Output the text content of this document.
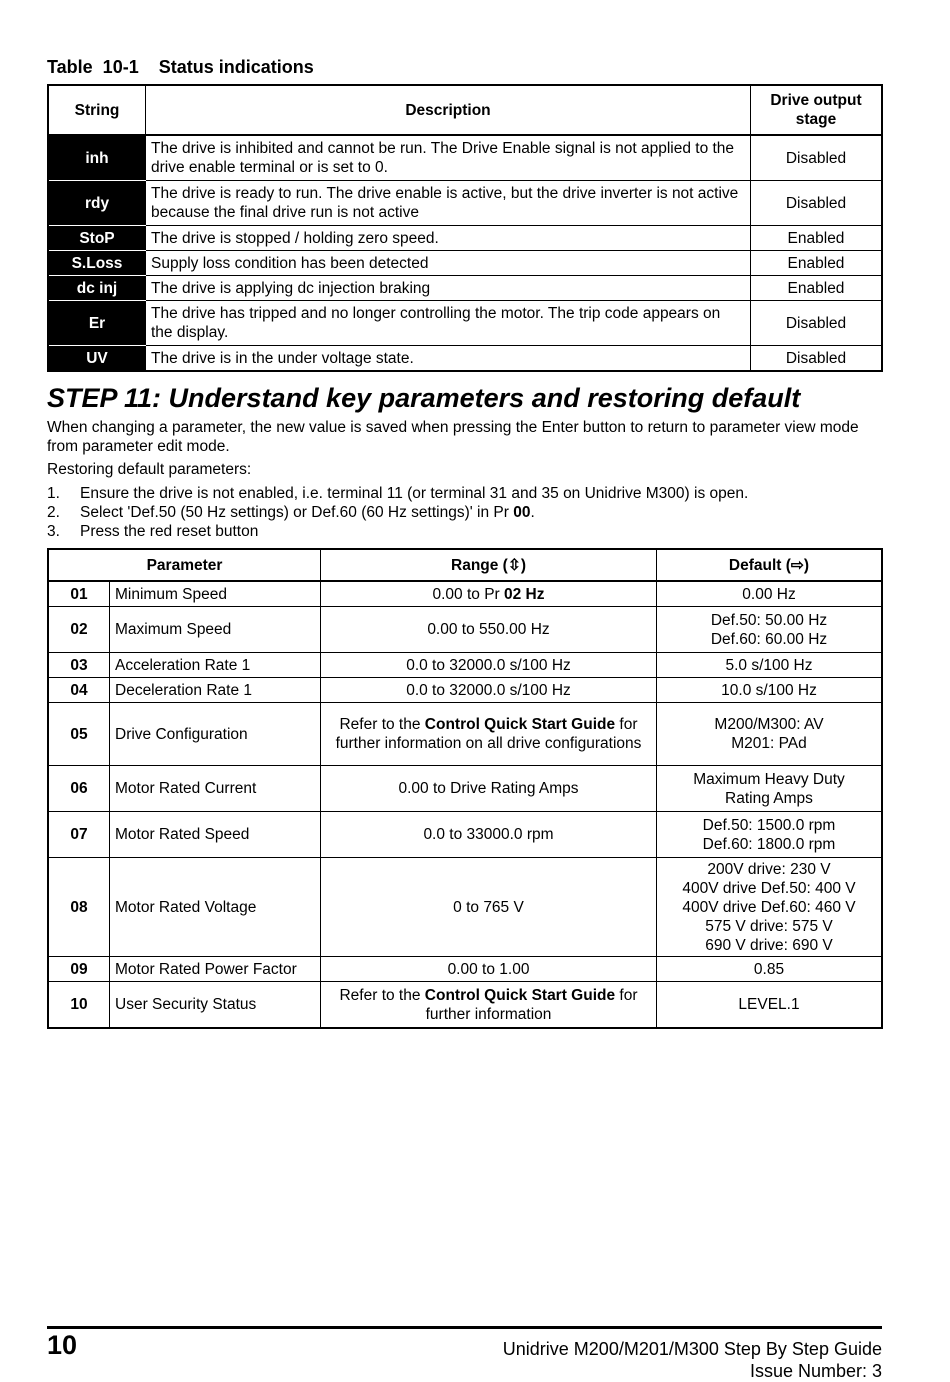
Table  10-1    Status indications
String	Description	Drive output stage
inh	The drive is inhibited and cannot be run. The Drive Enable signal is not applied to the drive enable terminal or is set to 0.	Disabled
rdy	The drive is ready to run. The drive enable is active, but the drive inverter is not active because the final drive run is not active	Disabled
StoP	The drive is stopped / holding zero speed.	Enabled
S.Loss	Supply loss condition has been detected	Enabled
dc inj	The drive is applying dc injection braking	Enabled
Er	The drive has tripped and no longer controlling the motor. The trip code appears on the display.	Disabled
UV	The drive is in the under voltage state.	Disabled
STEP 11: Understand key parameters and restoring default
When changing a parameter, the new value is saved when pressing the Enter button to return to parameter view mode from parameter edit mode.
Restoring default parameters:
1. Ensure the drive is not enabled, i.e. terminal 11 (or terminal 31 and 35 on Unidrive M300) is open.
2. Select 'Def.50 (50 Hz settings) or Def.60 (60 Hz settings)' in Pr 00.
3. Press the red reset button
Parameter		Range (⇳)	Default (⇨)
01	Minimum Speed	0.00 to Pr 02 Hz	0.00 Hz

02	Maximum Speed	0.00 to 550.00 Hz	Def.50: 50.00 Hz
Def.60: 60.00 Hz

03	Acceleration Rate 1	0.0 to 32000.0 s/100 Hz	5.0 s/100 Hz

04	Deceleration Rate 1	0.0 to 32000.0 s/100 Hz	10.0 s/100 Hz

05	Drive Configuration	Refer to the Control Quick Start Guide for further information on all drive configurations	M200/M300: AV
M201: PAd

06	Motor Rated Current	0.00 to Drive Rating Amps	Maximum Heavy Duty
Rating Amps

07	Motor Rated Speed	0.0 to 33000.0 rpm	Def.50: 1500.0 rpm
Def.60: 1800.0 rpm

08	Motor Rated Voltage	0 to 765 V	200V drive: 230 V
400V drive Def.50: 400 V
400V drive Def.60: 460 V
575 V drive: 575 V
690 V drive: 690 V

09	Motor Rated Power Factor	0.00 to 1.00	0.85

10	User Security Status	Refer to the Control Quick Start Guide for further information	LEVEL.1
10	Unidrive M200/M201/M300 Step By Step Guide
Issue Number: 3
